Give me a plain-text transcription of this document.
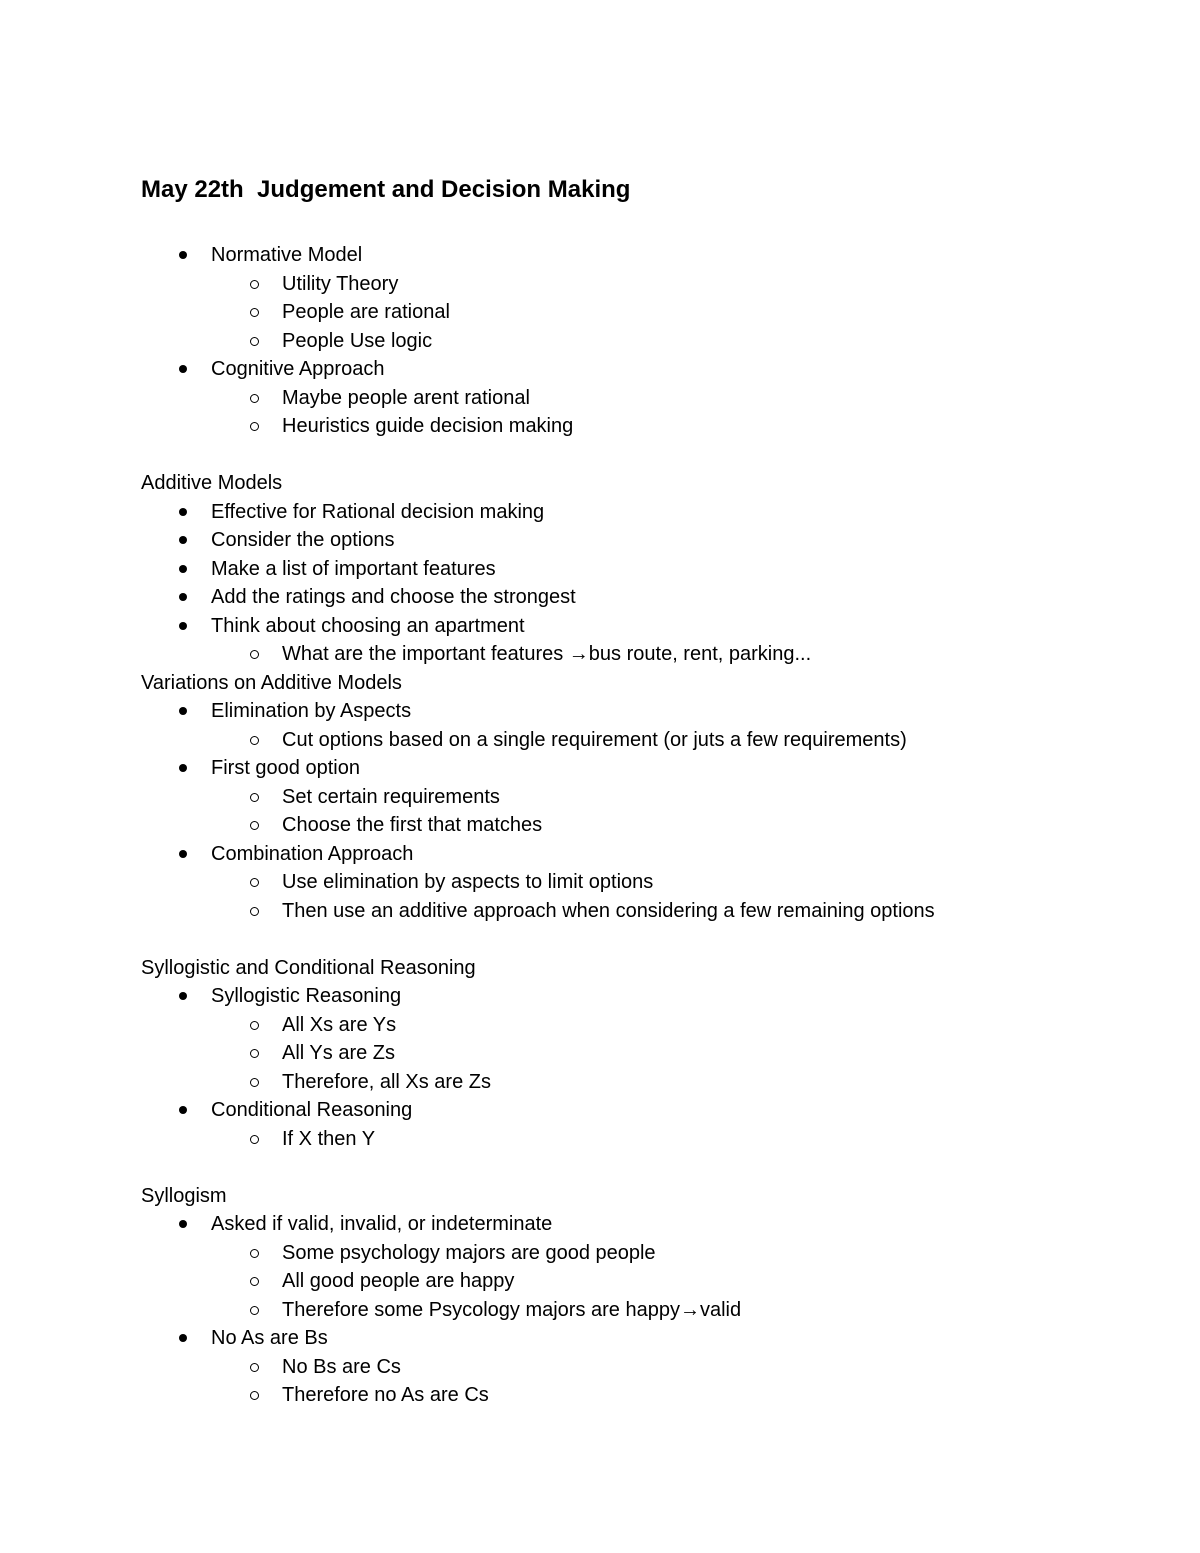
May 22th  Judgement and Decision Making
Normative Model
Utility Theory
People are rational
People Use logic
Cognitive Approach
Maybe people arent rational
Heuristics guide decision making
Additive Models
Effective for Rational decision making
Consider the options
Make a list of important features
Add the ratings and choose the strongest
Think about choosing an apartment
What are the important features →bus route, rent, parking...
Variations on Additive Models
Elimination by Aspects
Cut options based on a single requirement (or juts a few requirements)
First good option
Set certain requirements
Choose the first that matches
Combination Approach
Use elimination by aspects to limit options
Then use an additive approach when considering a few remaining options
Syllogistic and Conditional Reasoning
Syllogistic Reasoning
All Xs are Ys
All Ys are Zs
Therefore, all Xs are Zs
Conditional Reasoning
If X then Y
Syllogism
Asked if valid, invalid, or indeterminate
Some psychology majors are good people
All good people are happy
Therefore some Psycology majors are happy→valid
No As are Bs
No Bs are Cs
Therefore no As are Cs
